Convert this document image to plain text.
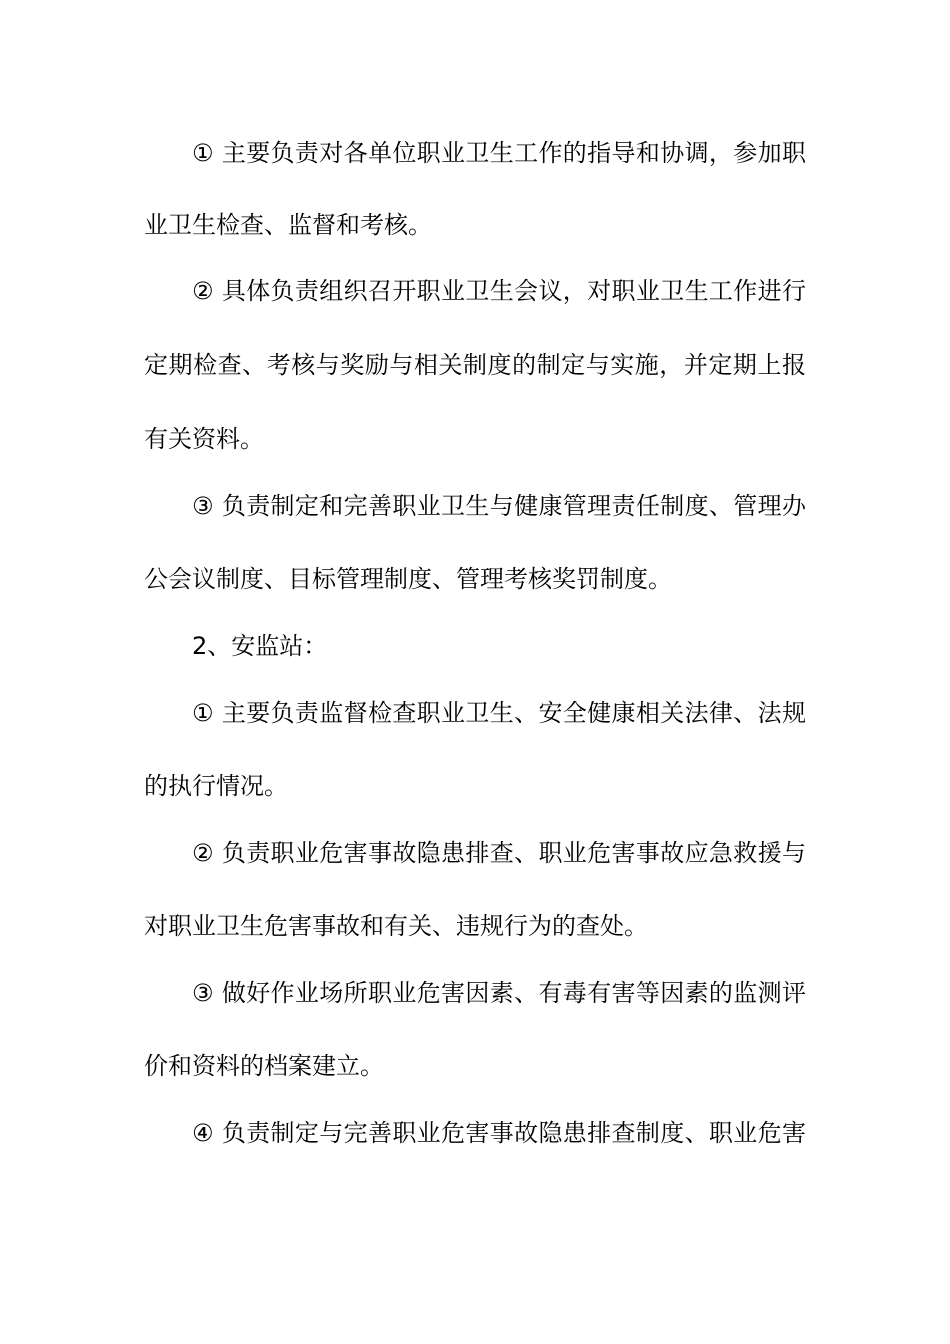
① 主要负责对各单位职业卫生工作的指导和协调，参加职
业卫生检查、监督和考核。
② 具体负责组织召开职业卫生会议，对职业卫生工作进行
定期检查、考核与奖励与相关制度的制定与实施，并定期上报
有关资料。
③ 负责制定和完善职业卫生与健康管理责任制度、管理办
公会议制度、目标管理制度、管理考核奖罚制度。
2、安监站：
① 主要负责监督检查职业卫生、安全健康相关法律、法规
的执行情况。
② 负责职业危害事故隐患排查、职业危害事故应急救援与
对职业卫生危害事故和有关、违规行为的查处。
③ 做好作业场所职业危害因素、有毒有害等因素的监测评
价和资料的档案建立。
④ 负责制定与完善职业危害事故隐患排查制度、职业危害
